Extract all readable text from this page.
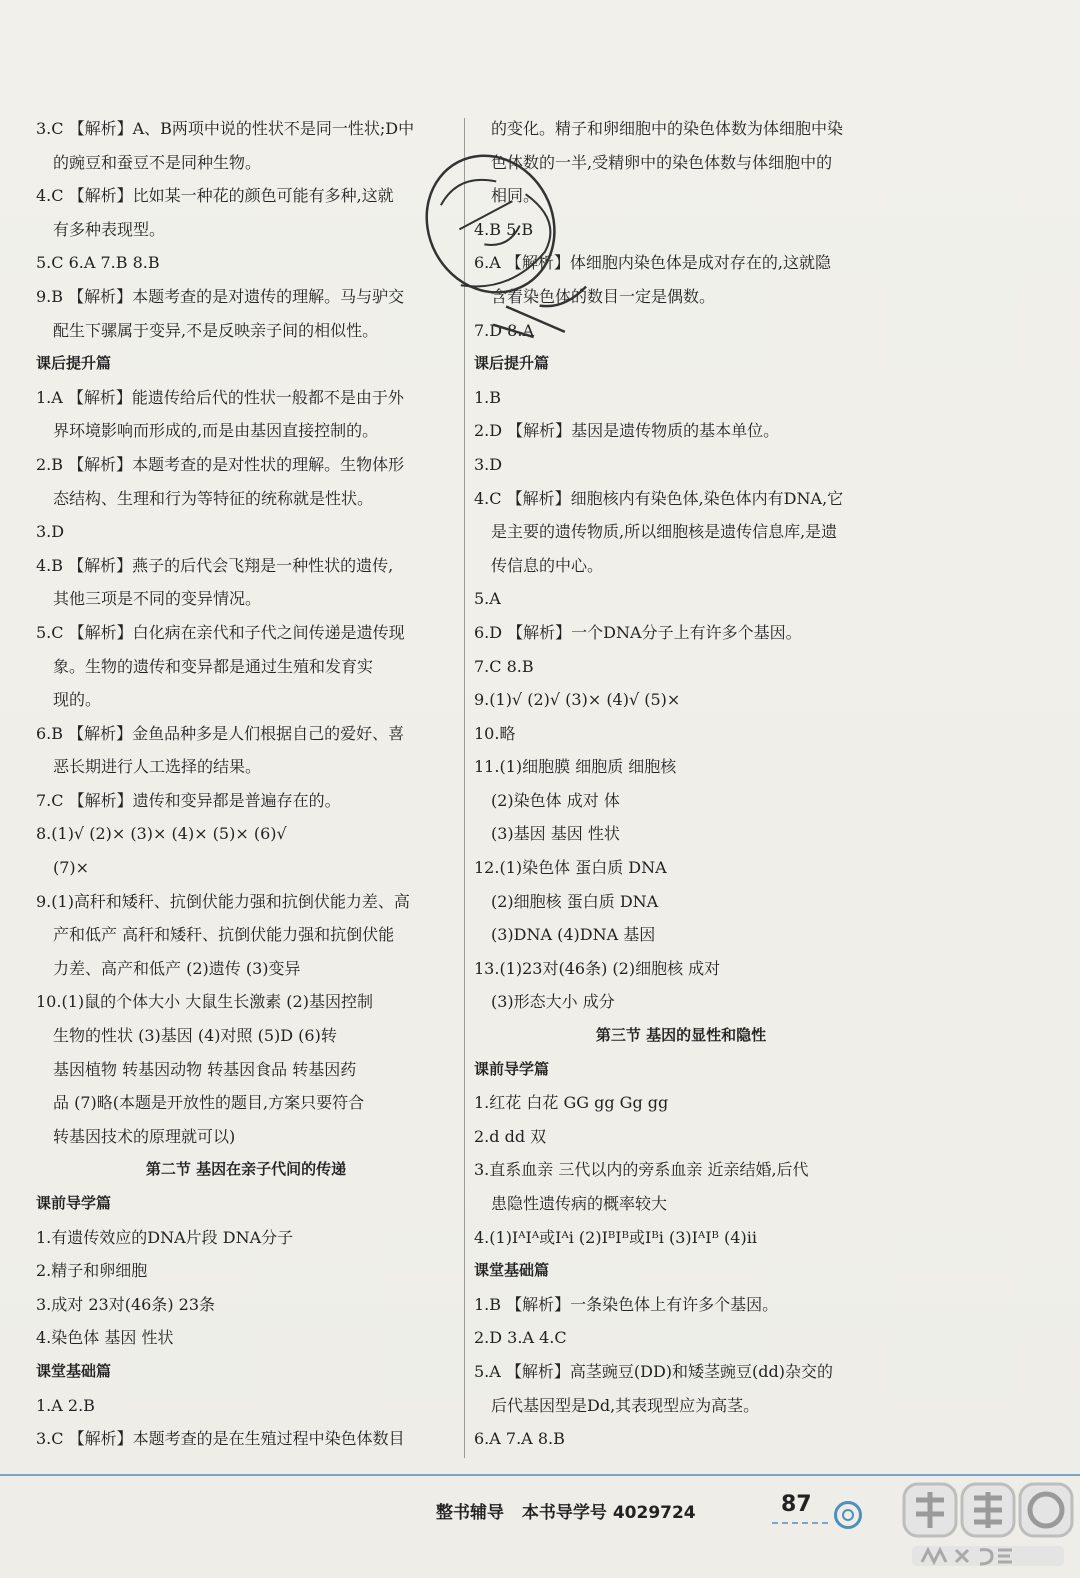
3.C 【解析】A、B两项中说的性状不是同一性状;D中
的豌豆和蚕豆不是同种生物。
4.C 【解析】比如某一种花的颜色可能有多种,这就
有多种表现型。
5.C 6.A 7.B 8.B
9.B 【解析】本题考查的是对遗传的理解。马与驴交
配生下骡属于变异,不是反映亲子间的相似性。
课后提升篇
1.A 【解析】能遗传给后代的性状一般都不是由于外
界环境影响而形成的,而是由基因直接控制的。
2.B 【解析】本题考查的是对性状的理解。生物体形
态结构、生理和行为等特征的统称就是性状。
3.D
4.B 【解析】燕子的后代会飞翔是一种性状的遗传,
其他三项是不同的变异情况。
5.C 【解析】白化病在亲代和子代之间传递是遗传现
象。生物的遗传和变异都是通过生殖和发育实
现的。
6.B 【解析】金鱼品种多是人们根据自己的爱好、喜
恶长期进行人工选择的结果。
7.C 【解析】遗传和变异都是普遍存在的。
8.(1)√ (2)× (3)× (4)× (5)× (6)√
(7)×
9.(1)高秆和矮秆、抗倒伏能力强和抗倒伏能力差、高
产和低产 高秆和矮秆、抗倒伏能力强和抗倒伏能
力差、高产和低产 (2)遗传 (3)变异
10.(1)鼠的个体大小 大鼠生长激素 (2)基因控制
生物的性状 (3)基因 (4)对照 (5)D (6)转
基因植物 转基因动物 转基因食品 转基因药
品 (7)略(本题是开放性的题目,方案只要符合
转基因技术的原理就可以)
第二节 基因在亲子代间的传递
课前导学篇
1.有遗传效应的DNA片段 DNA分子
2.精子和卵细胞
3.成对 23对(46条) 23条
4.染色体 基因 性状
课堂基础篇
1.A 2.B
3.C 【解析】本题考查的是在生殖过程中染色体数目
的变化。精子和卵细胞中的染色体数为体细胞中染
色体数的一半,受精卵中的染色体数与体细胞中的
相同。
4.B 5.B
6.A 【解析】体细胞内染色体是成对存在的,这就隐
含着染色体的数目一定是偶数。
7.D 8.A
课后提升篇
1.B
2.D 【解析】基因是遗传物质的基本单位。
3.D
4.C 【解析】细胞核内有染色体,染色体内有DNA,它
是主要的遗传物质,所以细胞核是遗传信息库,是遗
传信息的中心。
5.A
6.D 【解析】一个DNA分子上有许多个基因。
7.C 8.B
9.(1)√ (2)√ (3)× (4)√ (5)×
10.略
11.(1)细胞膜 细胞质 细胞核
(2)染色体 成对 体
(3)基因 基因 性状
12.(1)染色体 蛋白质 DNA
(2)细胞核 蛋白质 DNA
(3)DNA (4)DNA 基因
13.(1)23对(46条) (2)细胞核 成对
(3)形态大小 成分
第三节 基因的显性和隐性
课前导学篇
1.红花 白花 GG gg Gg gg
2.d dd 双
3.直系血亲 三代以内的旁系血亲 近亲结婚,后代
患隐性遗传病的概率较大
4.(1)IᴬIᴬ或Iᴬi (2)IᴮIᴮ或Iᴮi (3)IᴬIᴮ (4)ii
课堂基础篇
1.B 【解析】一条染色体上有许多个基因。
2.D 3.A 4.C
5.A 【解析】高茎豌豆(DD)和矮茎豌豆(dd)杂交的
后代基因型是Dd,其表现型应为高茎。
6.A 7.A 8.B
整书辅导 本书导学号 4029724	87
